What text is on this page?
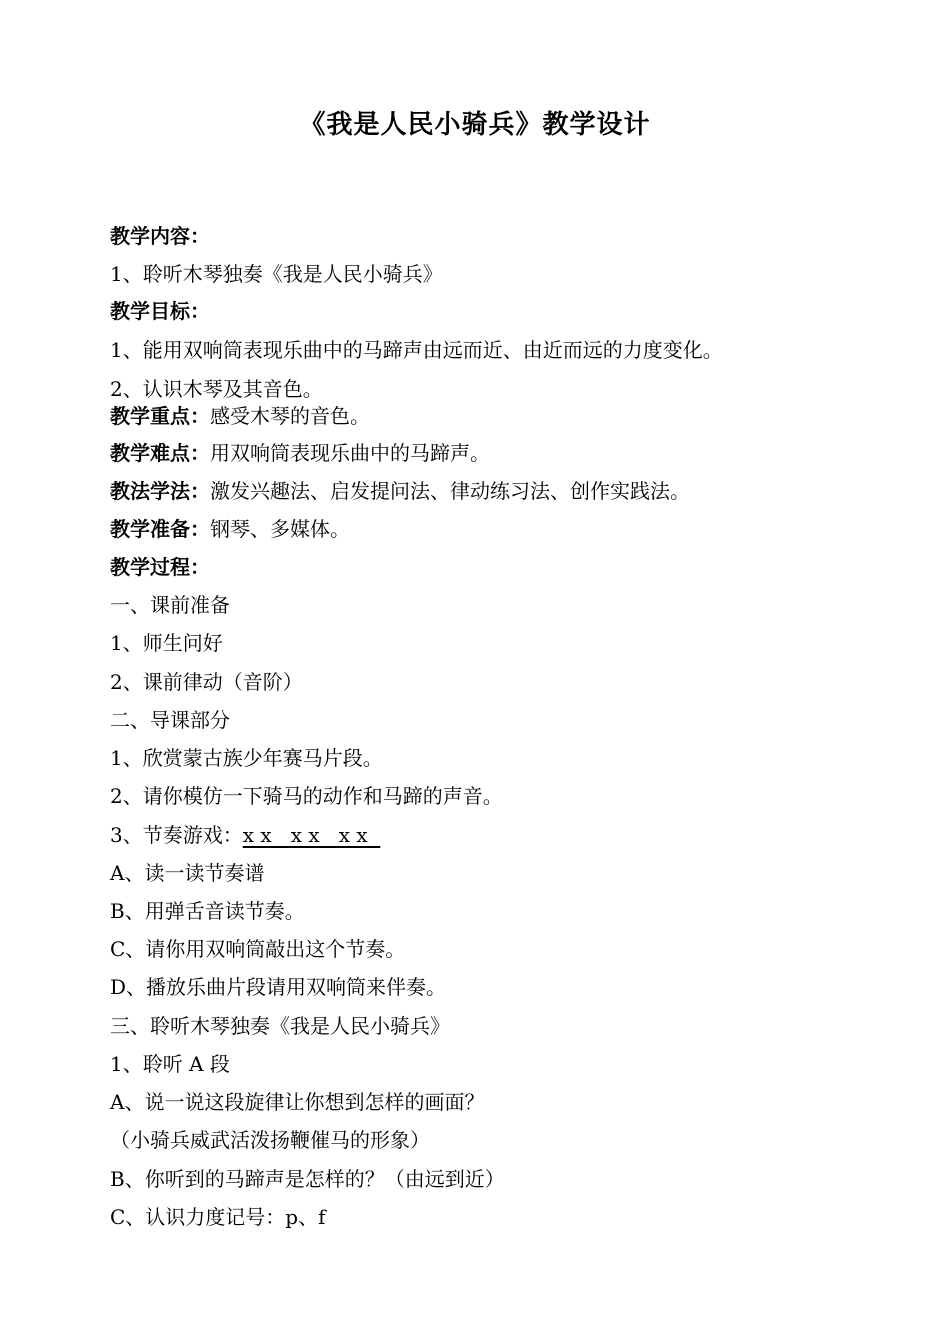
《我是人民小骑兵》教学设计
教学内容：
1、聆听木琴独奏《我是人民小骑兵》
教学目标：
1、能用双响筒表现乐曲中的马蹄声由远而近、由近而远的力度变化。
2、认识木琴及其音色。
教学重点：感受木琴的音色。
教学难点：用双响筒表现乐曲中的马蹄声。
教法学法：激发兴趣法、启发提问法、律动练习法、创作实践法。
教学准备：钢琴、多媒体。
教学过程：
一、课前准备
1、师生问好
2、课前律动（音阶）
二、导课部分
1、欣赏蒙古族少年赛马片段。
2、请你模仿一下骑马的动作和马蹄的声音。
3、节奏游戏：x x   x x   x x
A、读一读节奏谱
B、用弹舌音读节奏。
C、请你用双响筒敲出这个节奏。
D、播放乐曲片段请用双响筒来伴奏。
三、聆听木琴独奏《我是人民小骑兵》
1、聆听 A 段
A、说一说这段旋律让你想到怎样的画面？
（小骑兵威武活泼扬鞭催马的形象）
B、你听到的马蹄声是怎样的？（由远到近）
C、认识力度记号：p、f
